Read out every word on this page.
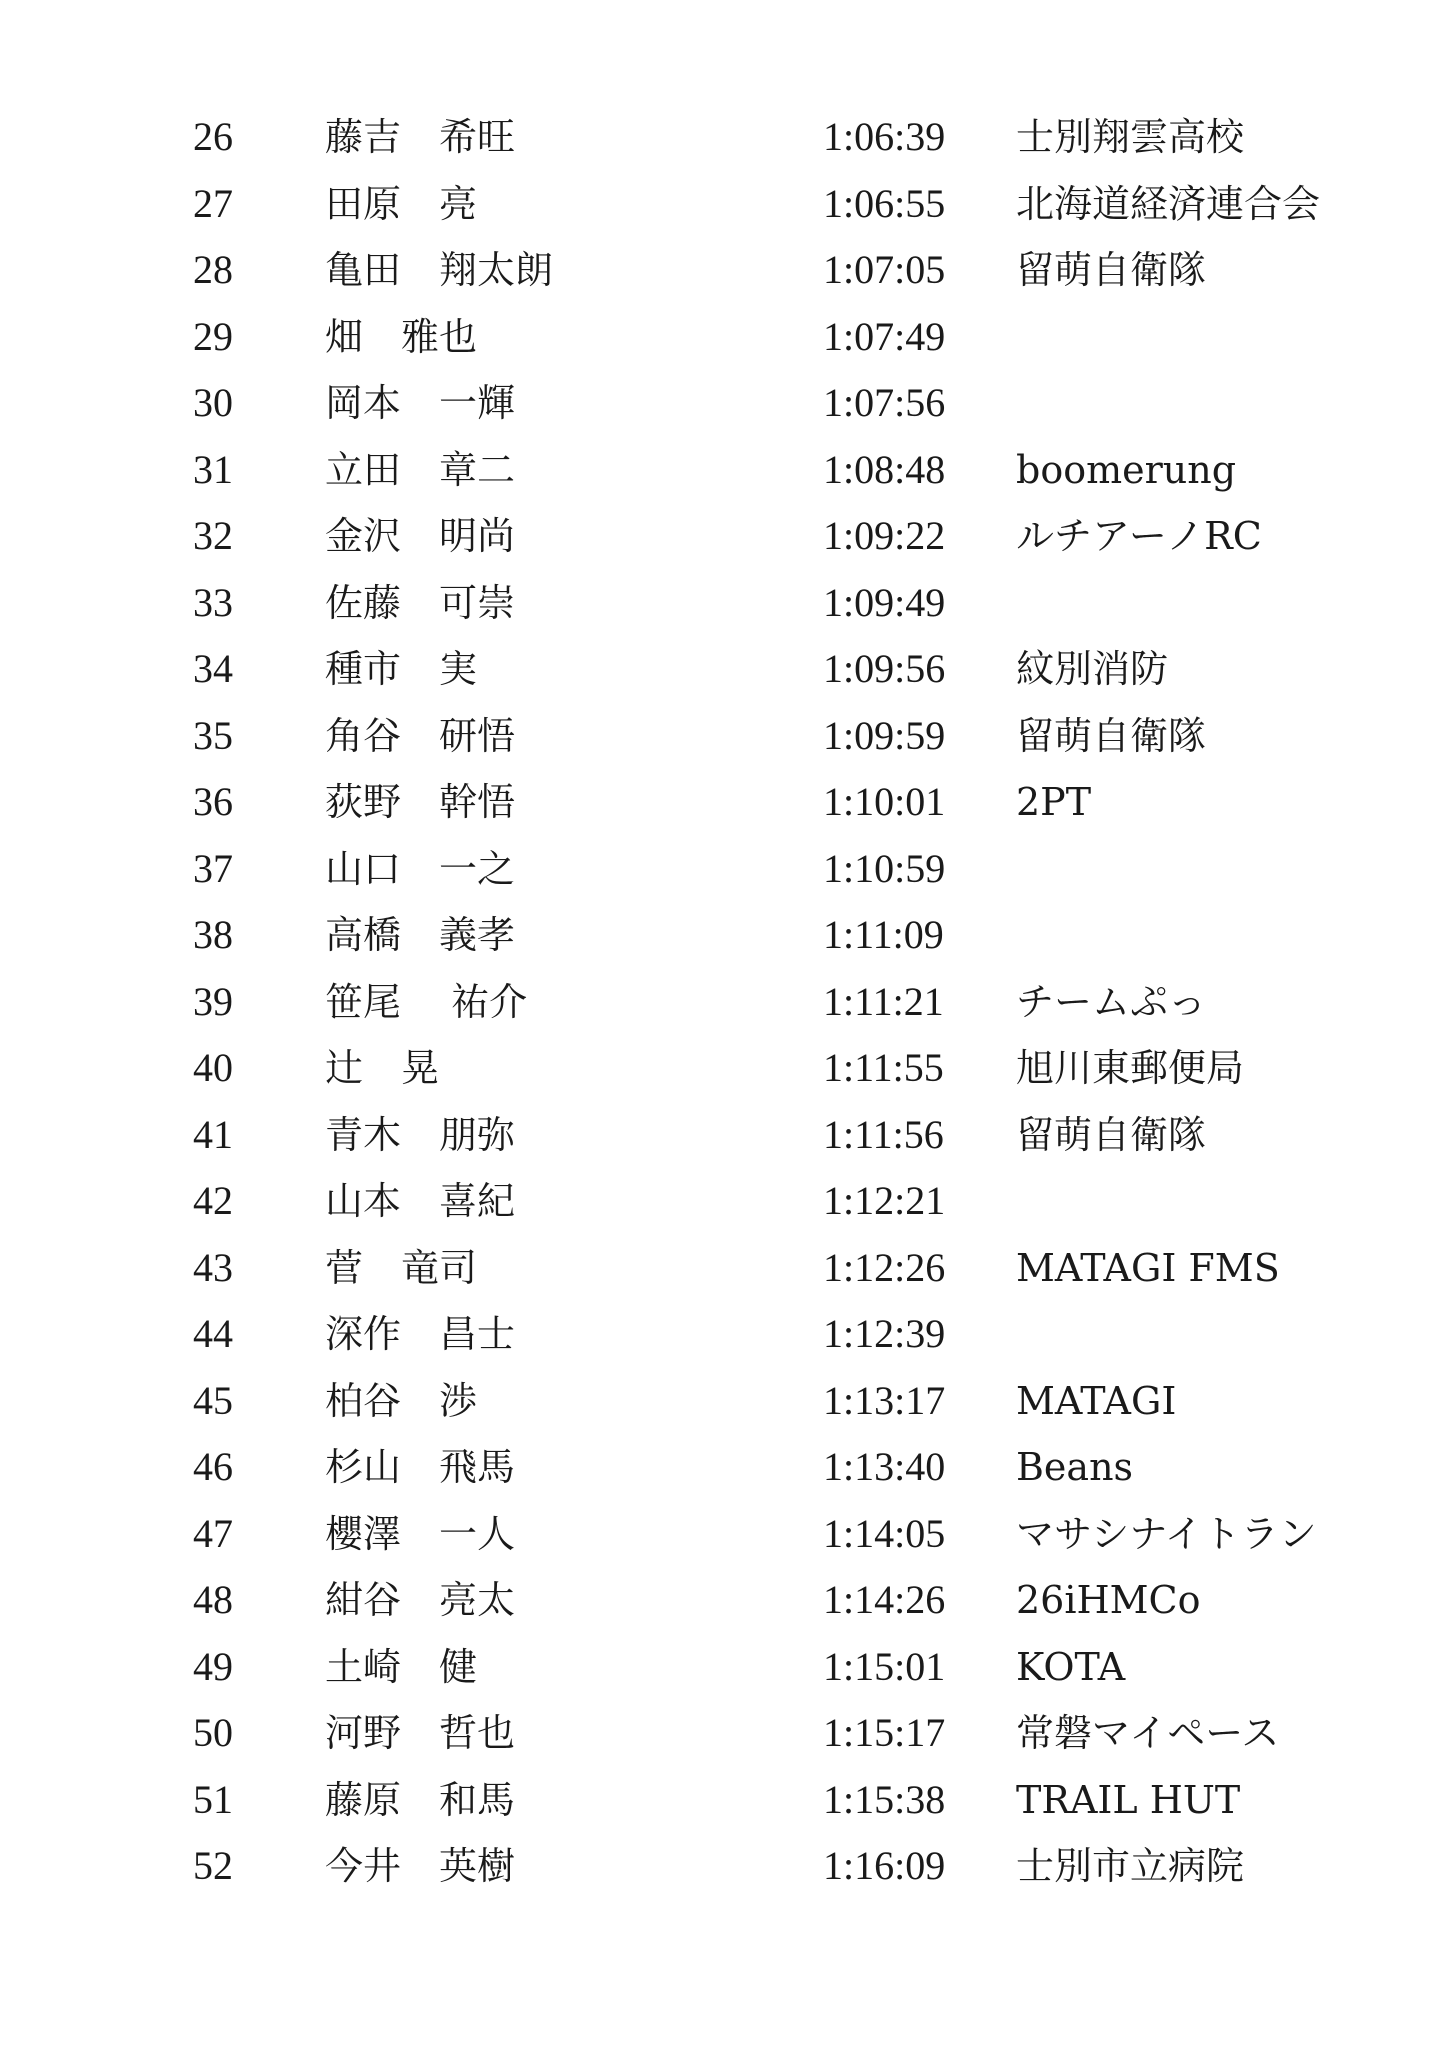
26 藤吉　希旺	1:06:39 士別翔雲高校
27 田原　亮	1:06:55 北海道経済連合会
28 亀田　翔太朗	1:07:05 留萌自衛隊
29 畑　雅也	1:07:49
30 岡本　一輝	1:07:56
31 立田　章二	1:08:48 boomerung
32 金沢　明尚	1:09:22 ルチアーノRC
33 佐藤　可崇	1:09:49
34 種市　実	1:09:56 紋別消防
35 角谷　研悟	1:09:59 留萌自衛隊
36 荻野　幹悟	1:10:01 2PT
37 山口　一之	1:10:59
38 高橋　義孝	1:11:09
39 笹尾　 祐介	1:11:21 チームぷっ
40 辻　晃	1:11:55 旭川東郵便局
41 青木　朋弥	1:11:56 留萌自衛隊
42 山本　喜紀	1:12:21
43 菅　竜司	1:12:26 MATAGI FMS
44 深作　昌士	1:12:39
45 柏谷　渉	1:13:17 MATAGI
46 杉山　飛馬	1:13:40 Beans
47 櫻澤　一人	1:14:05 マサシナイトラン
48 紺谷　亮太	1:14:26 26iHMCo
49 土崎　健	1:15:01 KOTA
50 河野　哲也	1:15:17 常磐マイペース
51 藤原　和馬	1:15:38 TRAIL HUT
52 今井　英樹	1:16:09 士別市立病院
